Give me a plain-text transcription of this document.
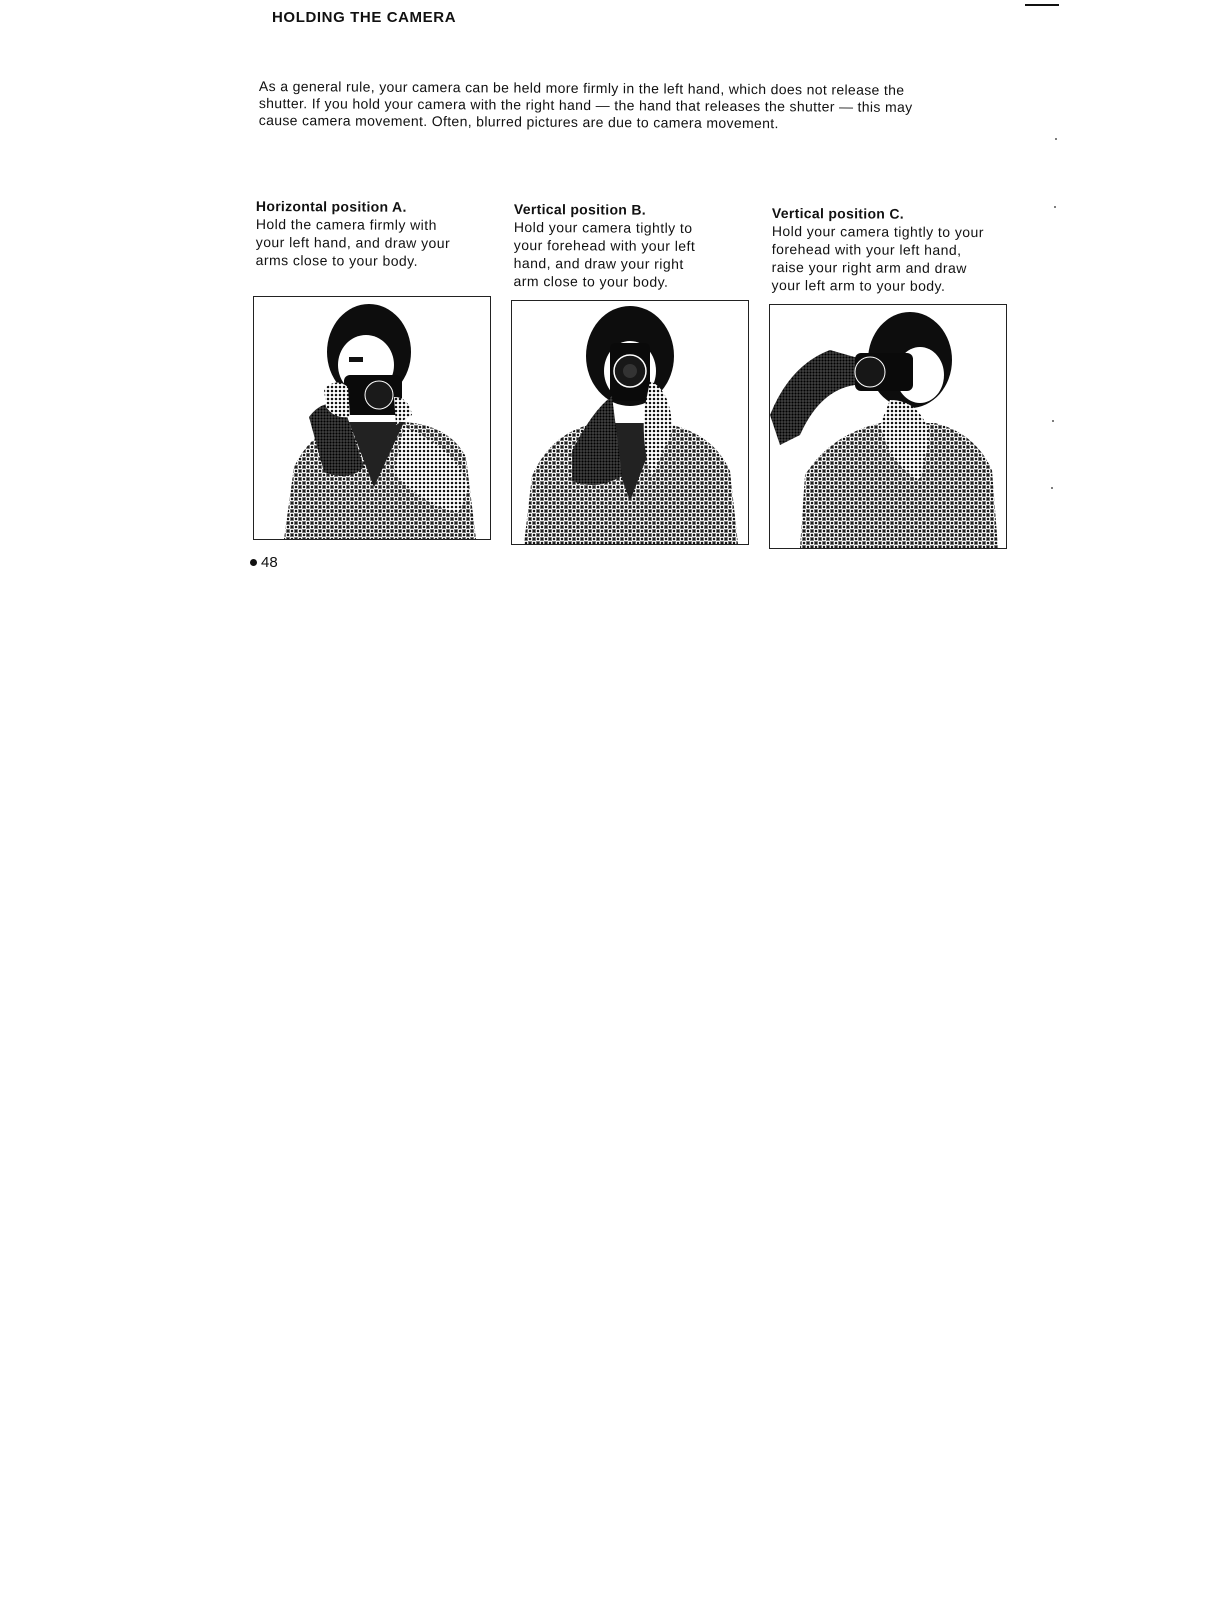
HOLDING THE CAMERA
As a general rule, your camera can be held more firmly in the left hand, which does not release the
shutter. If you hold your camera with the right hand — the hand that releases the shutter — this may
cause camera movement. Often, blurred pictures are due to camera movement.
Horizontal position A.
Hold the camera firmly with
your left hand, and draw your
arms close to your body.
Vertical position B.
Hold your camera tightly to
your forehead with your left
hand, and draw your right
arm close to your body.
Vertical position C.
Hold your camera tightly to your
forehead with your left hand,
raise your right arm and draw
your left arm to your body.
48
